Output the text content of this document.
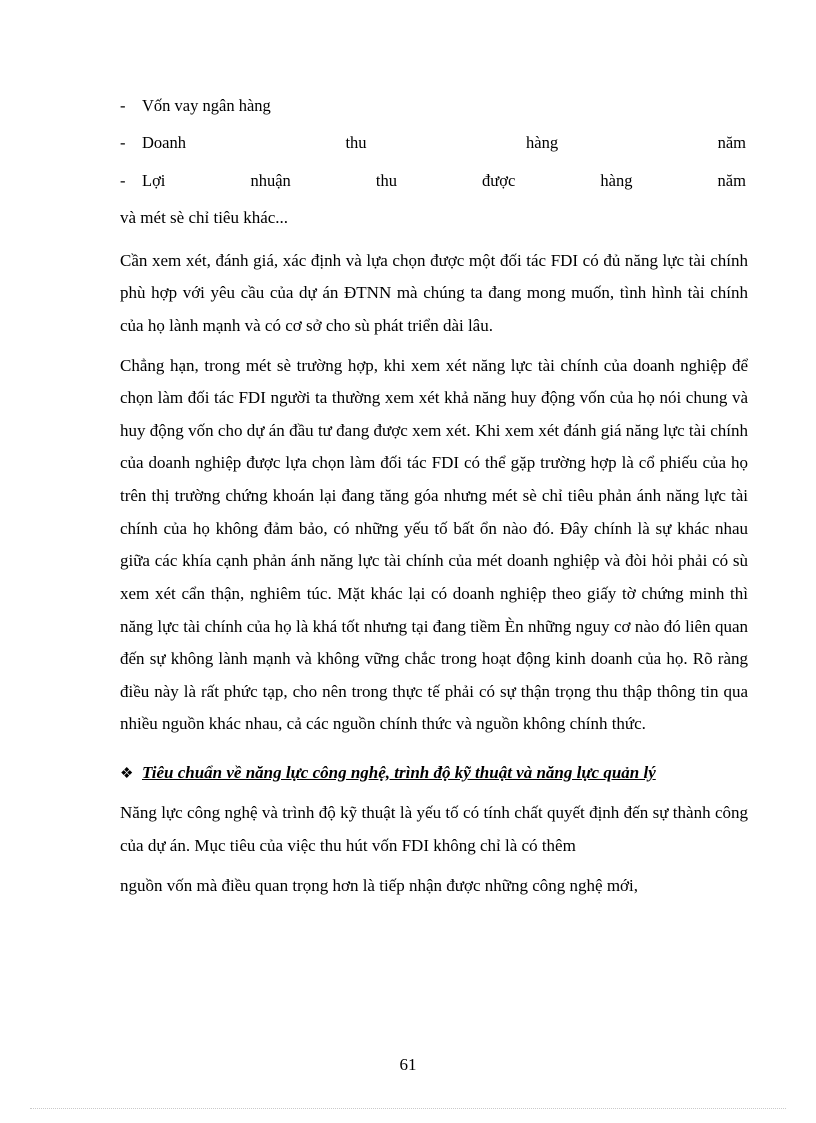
-	Vốn vay ngân hàng
-	Doanh	thu	hàng	năm
-	Lợi	nhuận	thu	được	hàng	năm

và mét sè chỉ tiêu khác...

Cần xem xét, đánh giá, xác định và lựa chọn được một đối tác FDI có đủ năng lực tài chính phù hợp với yêu cầu của dự án ĐTNN mà chúng ta đang mong muốn, tình hình tài chính của họ lành mạnh và có cơ sở cho sù phát triển dài lâu.

Chẳng hạn, trong mét sè trường hợp, khi xem xét năng lực tài chính của doanh nghiệp để chọn làm đối tác FDI người ta thường xem xét khả năng huy động vốn của họ nói chung và huy động vốn cho dự án đầu tư đang được xem xét. Khi xem xét đánh giá năng lực tài chính của doanh nghiệp được lựa chọn làm đối tác FDI có thể gặp trường hợp là cổ phiếu của họ trên thị trường chứng khoán lại đang tăng góa nhưng mét sè chỉ tiêu phản ánh năng lực tài chính của họ không đảm bảo, có những yếu tố bất ổn nào đó. Đây chính là sự khác nhau giữa các khía cạnh phản ánh năng lực tài chính của mét doanh nghiệp và đòi hỏi phải có sù xem xét cẩn thận, nghiêm túc. Mặt khác lại có doanh nghiệp theo giấy tờ chứng minh thì năng lực tài chính của họ là khá tốt nhưng tại đang tiềm Èn những nguy cơ nào đó liên quan đến sự không lành mạnh và không vững chắc trong hoạt động kinh doanh của họ. Rõ ràng điều này là rất phức tạp, cho nên trong thực tế phải có sự thận trọng thu thập thông tin qua nhiều nguồn khác nhau, cả các nguồn chính thức và nguồn không chính thức.

❖ Tiêu chuẩn về năng lực công nghệ, trình độ kỹ thuật và năng lực quản lý

Năng lực công nghệ và trình độ kỹ thuật là yếu tố có tính chất quyết định đến sự thành công của dự án. Mục tiêu của việc thu hút vốn FDI không chỉ là có thêm

nguồn vốn mà điều quan trọng hơn là tiếp nhận được những công nghệ mới,

61
